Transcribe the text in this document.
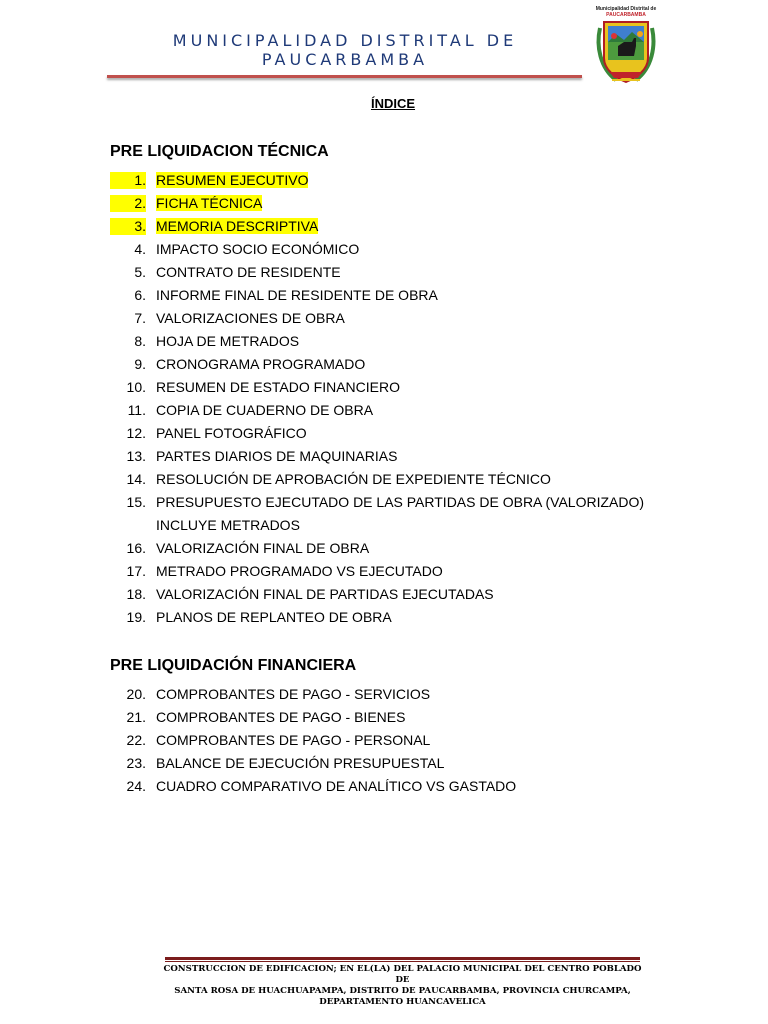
MUNICIPALIDAD DISTRITAL DE
PAUCARBAMBA
Municipalidad Distrital de
PAUCARBAMBA
ÍNDICE
PRE LIQUIDACION TÉCNICA
1. RESUMEN EJECUTIVO
2. FICHA TÉCNICA
3. MEMORIA DESCRIPTIVA
4. IMPACTO SOCIO ECONÓMICO
5. CONTRATO DE RESIDENTE
6. INFORME FINAL DE RESIDENTE DE OBRA
7. VALORIZACIONES DE OBRA
8. HOJA DE METRADOS
9. CRONOGRAMA PROGRAMADO
10. RESUMEN DE ESTADO FINANCIERO
11. COPIA DE CUADERNO DE OBRA
12. PANEL FOTOGRÁFICO
13. PARTES DIARIOS DE MAQUINARIAS
14. RESOLUCIÓN DE APROBACIÓN DE EXPEDIENTE TÉCNICO
15. PRESUPUESTO EJECUTADO DE LAS PARTIDAS DE OBRA (VALORIZADO) INCLUYE METRADOS
16. VALORIZACIÓN FINAL DE OBRA
17. METRADO PROGRAMADO VS EJECUTADO
18. VALORIZACIÓN FINAL DE PARTIDAS EJECUTADAS
19. PLANOS DE REPLANTEO DE OBRA
PRE LIQUIDACIÓN FINANCIERA
20. COMPROBANTES DE PAGO - SERVICIOS
21. COMPROBANTES DE PAGO - BIENES
22. COMPROBANTES DE PAGO - PERSONAL
23. BALANCE DE EJECUCIÓN PRESUPUESTAL
24. CUADRO COMPARATIVO DE ANALÍTICO VS GASTADO
CONSTRUCCION DE EDIFICACION; EN EL(LA) DEL PALACIO MUNICIPAL DEL CENTRO POBLADO DE
SANTA ROSA DE HUACHUAPAMPA, DISTRITO DE PAUCARBAMBA, PROVINCIA CHURCAMPA,
DEPARTAMENTO HUANCAVELICA
